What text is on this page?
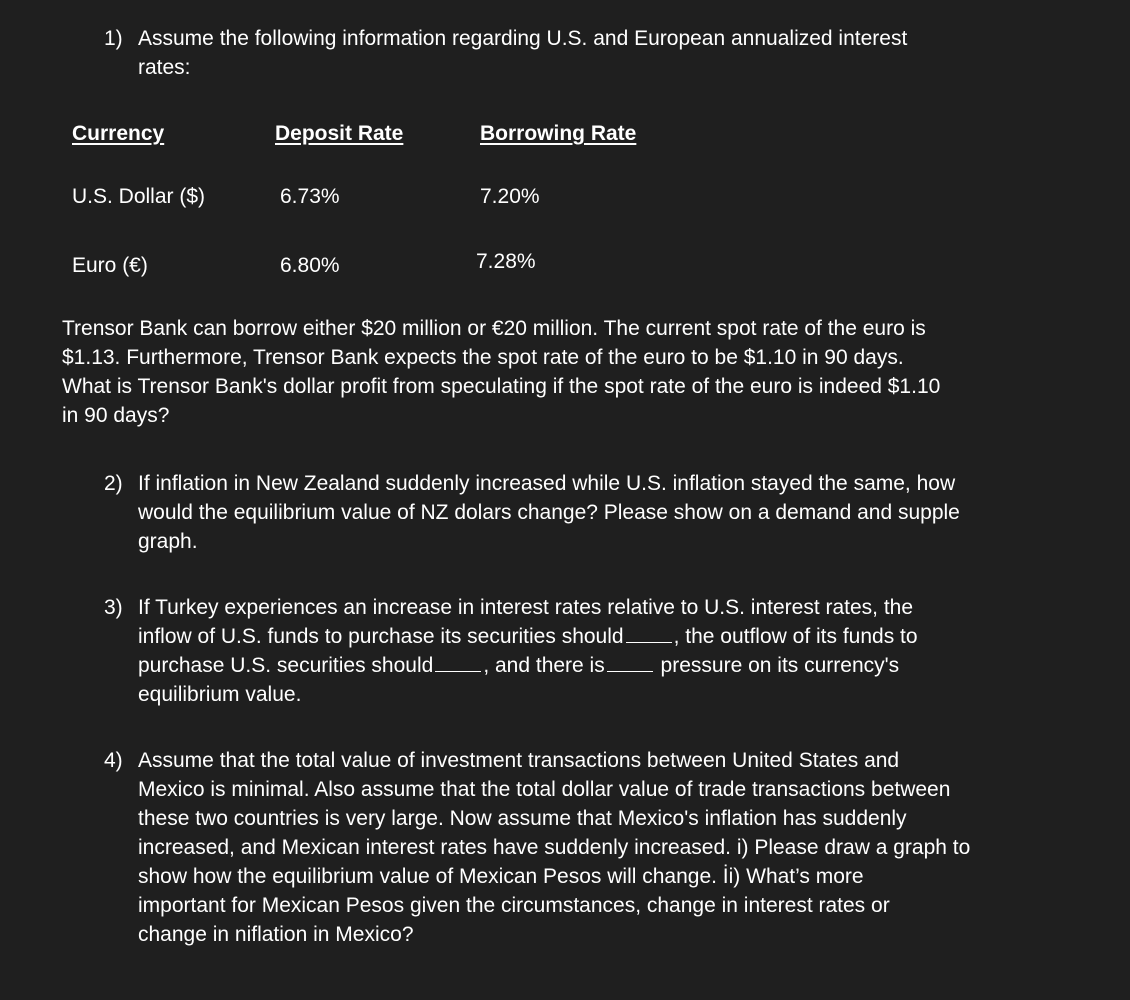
1) Assume the following information regarding U.S. and European annualized interest

rates:

Currency	Deposit Rate	Borrowing Rate
U.S. Dollar ($)	6.73%	7.20%
Euro (€)	6.80%	7.28%

Trensor Bank can borrow either $20 million or €20 million. The current spot rate of the euro is

$1.13. Furthermore, Trensor Bank expects the spot rate of the euro to be $1.10 in 90 days.

What is Trensor Bank's dollar profit from speculating if the spot rate of the euro is indeed $1.10

in 90 days?

2) If inflation in New Zealand suddenly increased while U.S. inflation stayed the same, how

would the equilibrium value of NZ dolars change? Please show on a demand and supple

graph.

3) If Turkey experiences an increase in interest rates relative to U.S. interest rates, the

inflow of U.S. funds to purchase its securities should , the outflow of its funds to

purchase U.S. securities should , and there is pressure on its currency's

equilibrium value.

4) Assume that the total value of investment transactions between United States and

Mexico is minimal. Also assume that the total dollar value of trade transactions between

these two countries is very large. Now assume that Mexico's inflation has suddenly

increased, and Mexican interest rates have suddenly increased. i) Please draw a graph to

show how the equilibrium value of Mexican Pesos will change. İi) What’s more

important for Mexican Pesos given the circumstances, change in interest rates or

change in niflation in Mexico?
